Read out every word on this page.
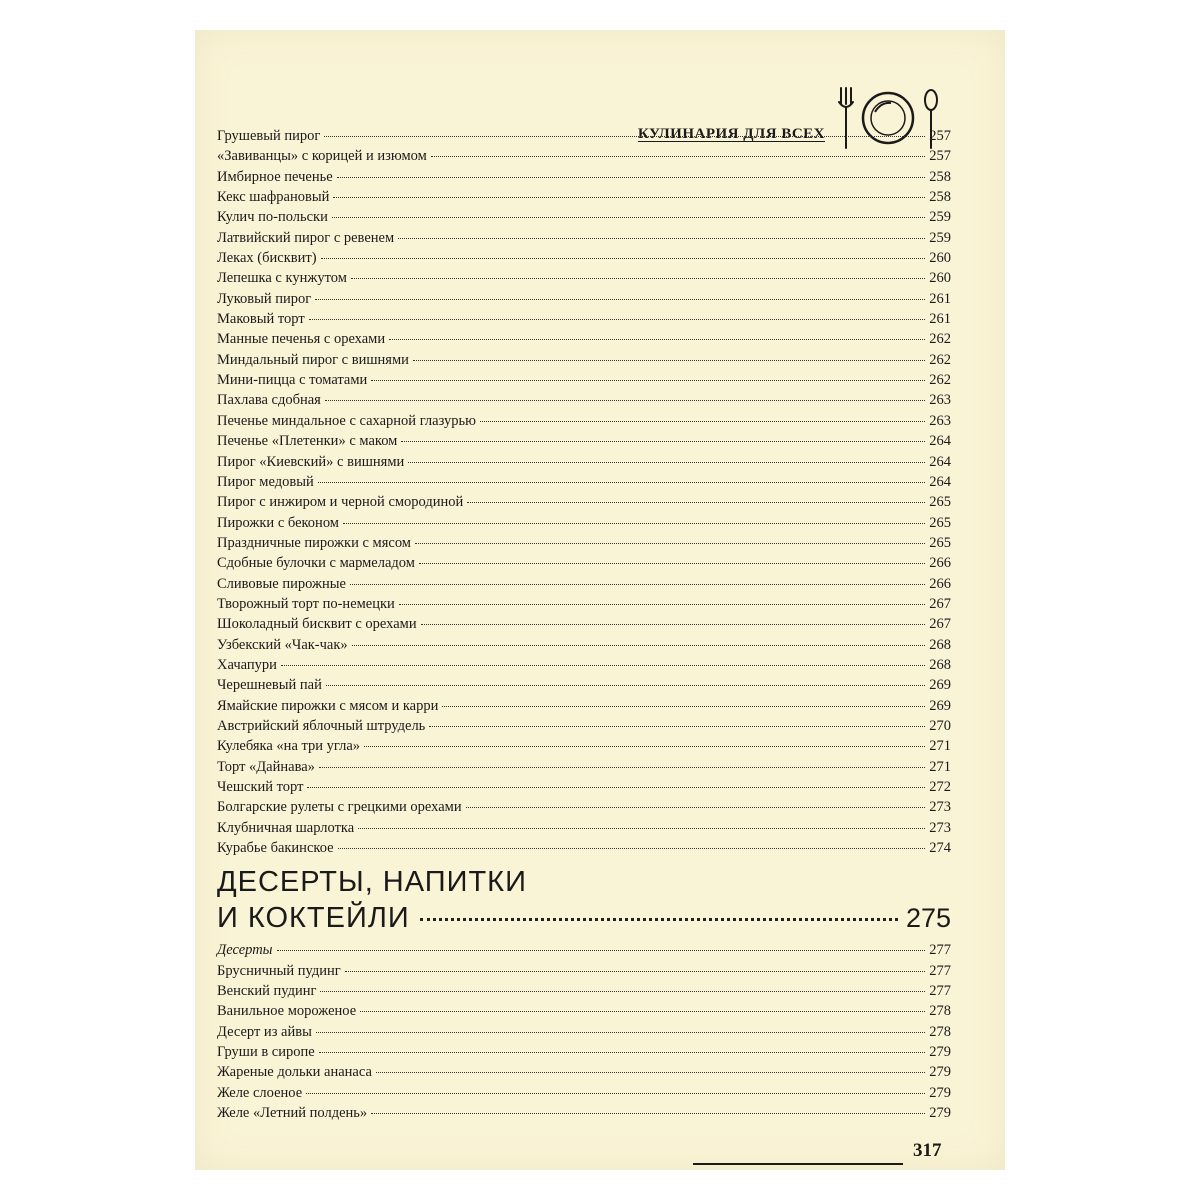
КУЛИНАРИЯ ДЛЯ ВСЕХ
Грушевый пирог	257
«Завиванцы» с корицей и изюмом	257
Имбирное печенье	258
Кекс шафрановый	258
Кулич по-польски	259
Латвийский пирог с ревенем	259
Леках (бисквит)	260
Лепешка с кунжутом	260
Луковый пирог	261
Маковый торт	261
Манные печенья с орехами	262
Миндальный пирог с вишнями	262
Мини-пицца с томатами	262
Пахлава сдобная	263
Печенье миндальное с сахарной глазурью	263
Печенье «Плетенки» с маком	264
Пирог «Киевский» с вишнями	264
Пирог медовый	264
Пирог с инжиром и черной смородиной	265
Пирожки с беконом	265
Праздничные пирожки с мясом	265
Сдобные булочки с мармеладом	266
Сливовые пирожные	266
Творожный торт по-немецки	267
Шоколадный бисквит с орехами	267
Узбекский «Чак-чак»	268
Хачапури	268
Черешневый пай	269
Ямайские пирожки с мясом и карри	269
Австрийский яблочный штрудель	270
Кулебяка «на три угла»	271
Торт «Дайнава»	271
Чешский торт	272
Болгарские рулеты с грецкими орехами	273
Клубничная шарлотка	273
Курабье бакинское	274
ДЕСЕРТЫ, НАПИТКИ
И КОКТЕЙЛИ	275
Десерты	277
Брусничный пудинг	277
Венский пудинг	277
Ванильное мороженое	278
Десерт из айвы	278
Груши в сиропе	279
Жареные дольки ананаса	279
Желе слоеное	279
Желе «Летний полдень»	279
317
